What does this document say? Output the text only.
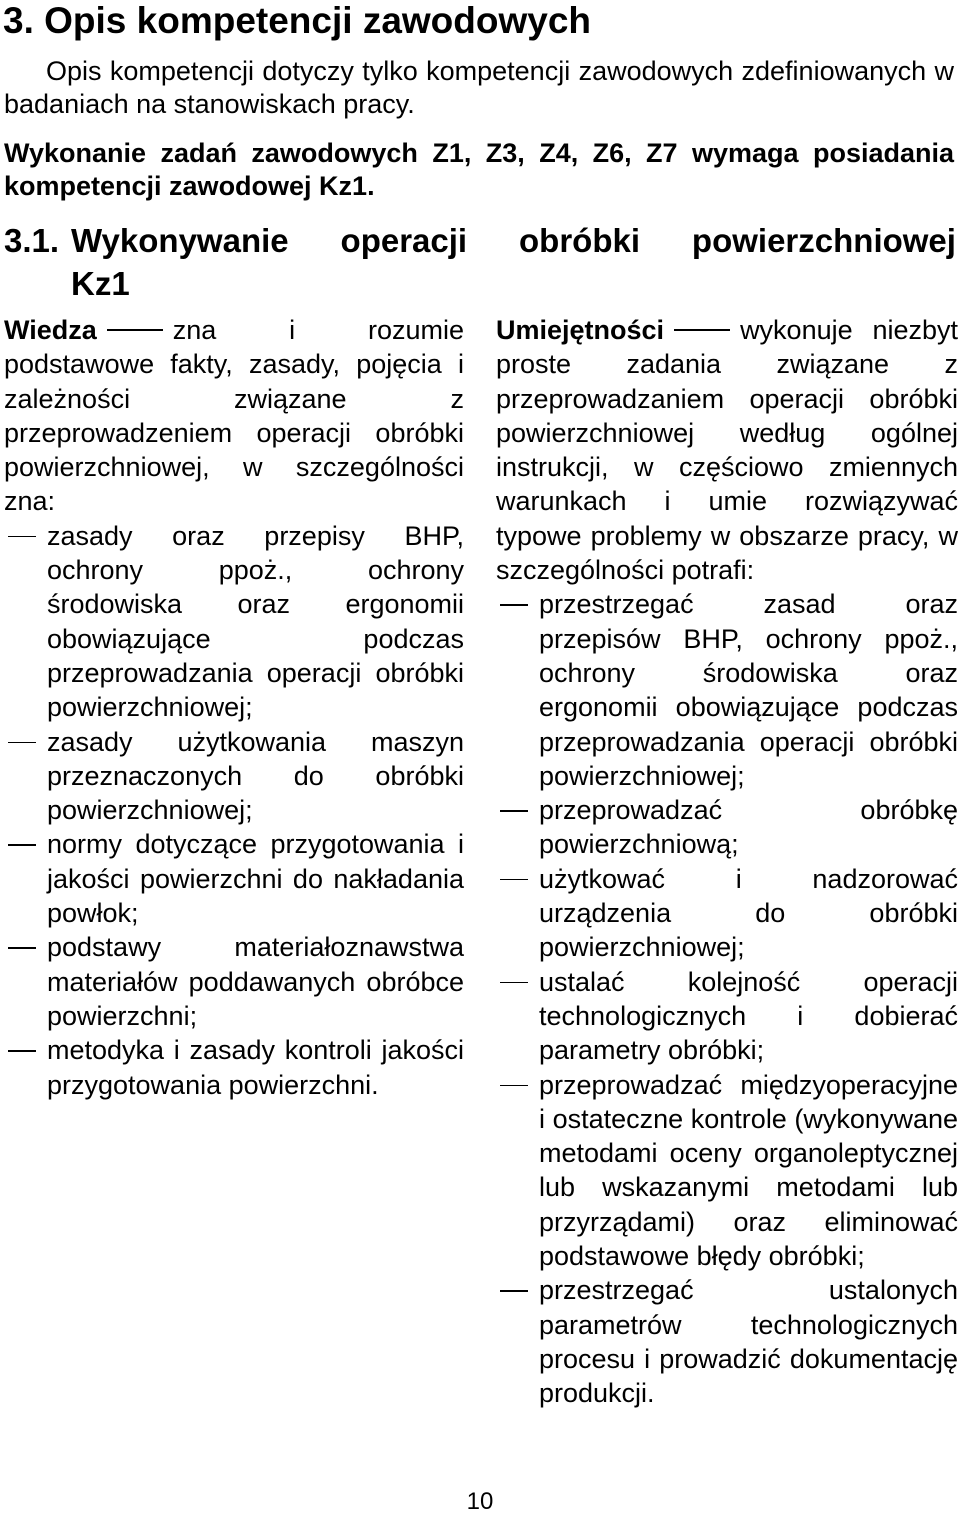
3. Opis kompetencji zawodowych

Opis kompetencji dotyczy tylko kompetencji zawodowych zdefiniowanych w badaniach na stanowiskach pracy.

Wykonanie zadań zawodowych Z1, Z3, Z4, Z6, Z7 wymaga posiadania kompetencji zawodowej Kz1.

3.1. Wykonywanie operacji obróbki powierzchniowej
Kz1

Wiedza	zna i rozumie podstawowe fakty, zasady, pojęcia i zależności związane z przeprowadzeniem operacji obróbki powierzchniowej, w szczególności zna:

zasady oraz przepisy BHP, ochrony ppoż., ochrony środowiska oraz ergonomii obowiązujące podczas przeprowadzania operacji obróbki powierzchniowej;
zasady użytkowania maszyn przeznaczonych do obróbki powierzchniowej;
normy dotyczące przygotowania i jakości powierzchni do nakładania powłok;
podstawy materiałoznawstwa materiałów poddawanych obróbce powierzchni;
metodyka i zasady kontroli jakości przygotowania powierzchni.

Umiejętności	wykonuje niezbyt proste zadania związane z przeprowadzaniem operacji obróbki powierzchniowej według ogólnej instrukcji, w częściowo zmiennych warunkach i umie rozwiązywać typowe problemy w obszarze pracy, w szczególności potrafi:

przestrzegać zasad oraz przepisów BHP, ochrony ppoż., ochrony środowiska oraz ergonomii obowiązujące podczas przeprowadzania operacji obróbki powierzchniowej;
przeprowadzać obróbkę powierzchniową;
użytkować i nadzorować urządzenia do obróbki powierzchniowej;
ustalać kolejność operacji technologicznych i dobierać parametry obróbki;
przeprowadzać międzyoperacyjne i ostateczne kontrole (wykonywane metodami oceny organoleptycznej lub wskazanymi metodami lub przyrządami) oraz eliminować podstawowe błędy obróbki;
przestrzegać ustalonych parametrów technologicznych procesu i prowadzić dokumentację produkcji.
10
